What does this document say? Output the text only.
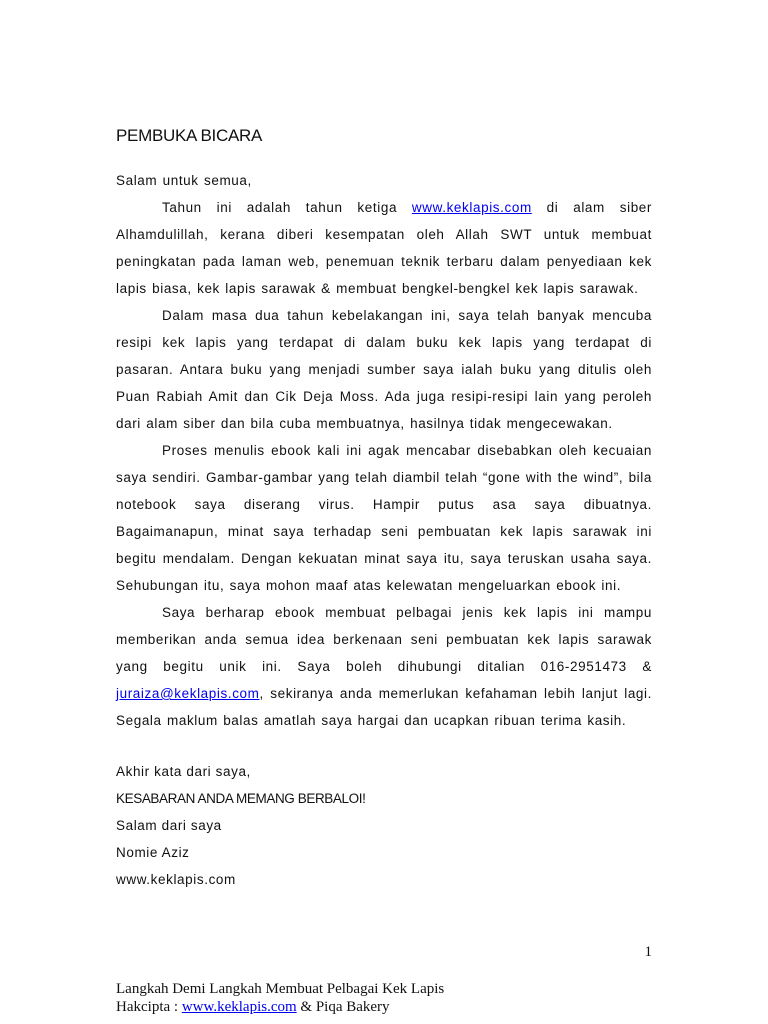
PEMBUKA BICARA

Salam untuk semua,

Tahun ini adalah tahun ketiga www.keklapis.com di alam siber Alhamdulillah, kerana diberi kesempatan oleh Allah SWT untuk membuat peningkatan pada laman web, penemuan teknik terbaru dalam penyediaan kek lapis biasa, kek lapis sarawak & membuat bengkel-bengkel kek lapis sarawak.

Dalam masa dua tahun kebelakangan ini, saya telah banyak mencuba resipi kek lapis yang terdapat di dalam buku kek lapis yang terdapat di pasaran. Antara buku yang menjadi sumber saya ialah buku yang ditulis oleh Puan Rabiah Amit dan Cik Deja Moss. Ada juga resipi-resipi lain yang peroleh dari alam siber dan bila cuba membuatnya, hasilnya tidak mengecewakan.

Proses menulis ebook kali ini agak mencabar disebabkan oleh kecuaian saya sendiri. Gambar-gambar yang telah diambil telah “gone with the wind”, bila notebook saya diserang virus. Hampir putus asa saya dibuatnya. Bagaimanapun, minat saya terhadap seni pembuatan kek lapis sarawak ini begitu mendalam. Dengan kekuatan minat saya itu, saya teruskan usaha saya. Sehubungan itu, saya mohon maaf atas kelewatan mengeluarkan ebook ini.

Saya berharap ebook membuat pelbagai jenis kek lapis ini mampu memberikan anda semua idea berkenaan seni pembuatan kek lapis sarawak yang begitu unik ini. Saya boleh dihubungi ditalian 016-2951473 & juraiza@keklapis.com, sekiranya anda memerlukan kefahaman lebih lanjut lagi. Segala maklum balas amatlah saya hargai dan ucapkan ribuan terima kasih.

Akhir kata dari saya,
KESABARAN ANDA MEMANG BERBALOI!
Salam dari saya
Nomie Aziz
www.keklapis.com
1
Langkah Demi Langkah Membuat Pelbagai Kek Lapis
Hakcipta : www.keklapis.com & Piqa Bakery
